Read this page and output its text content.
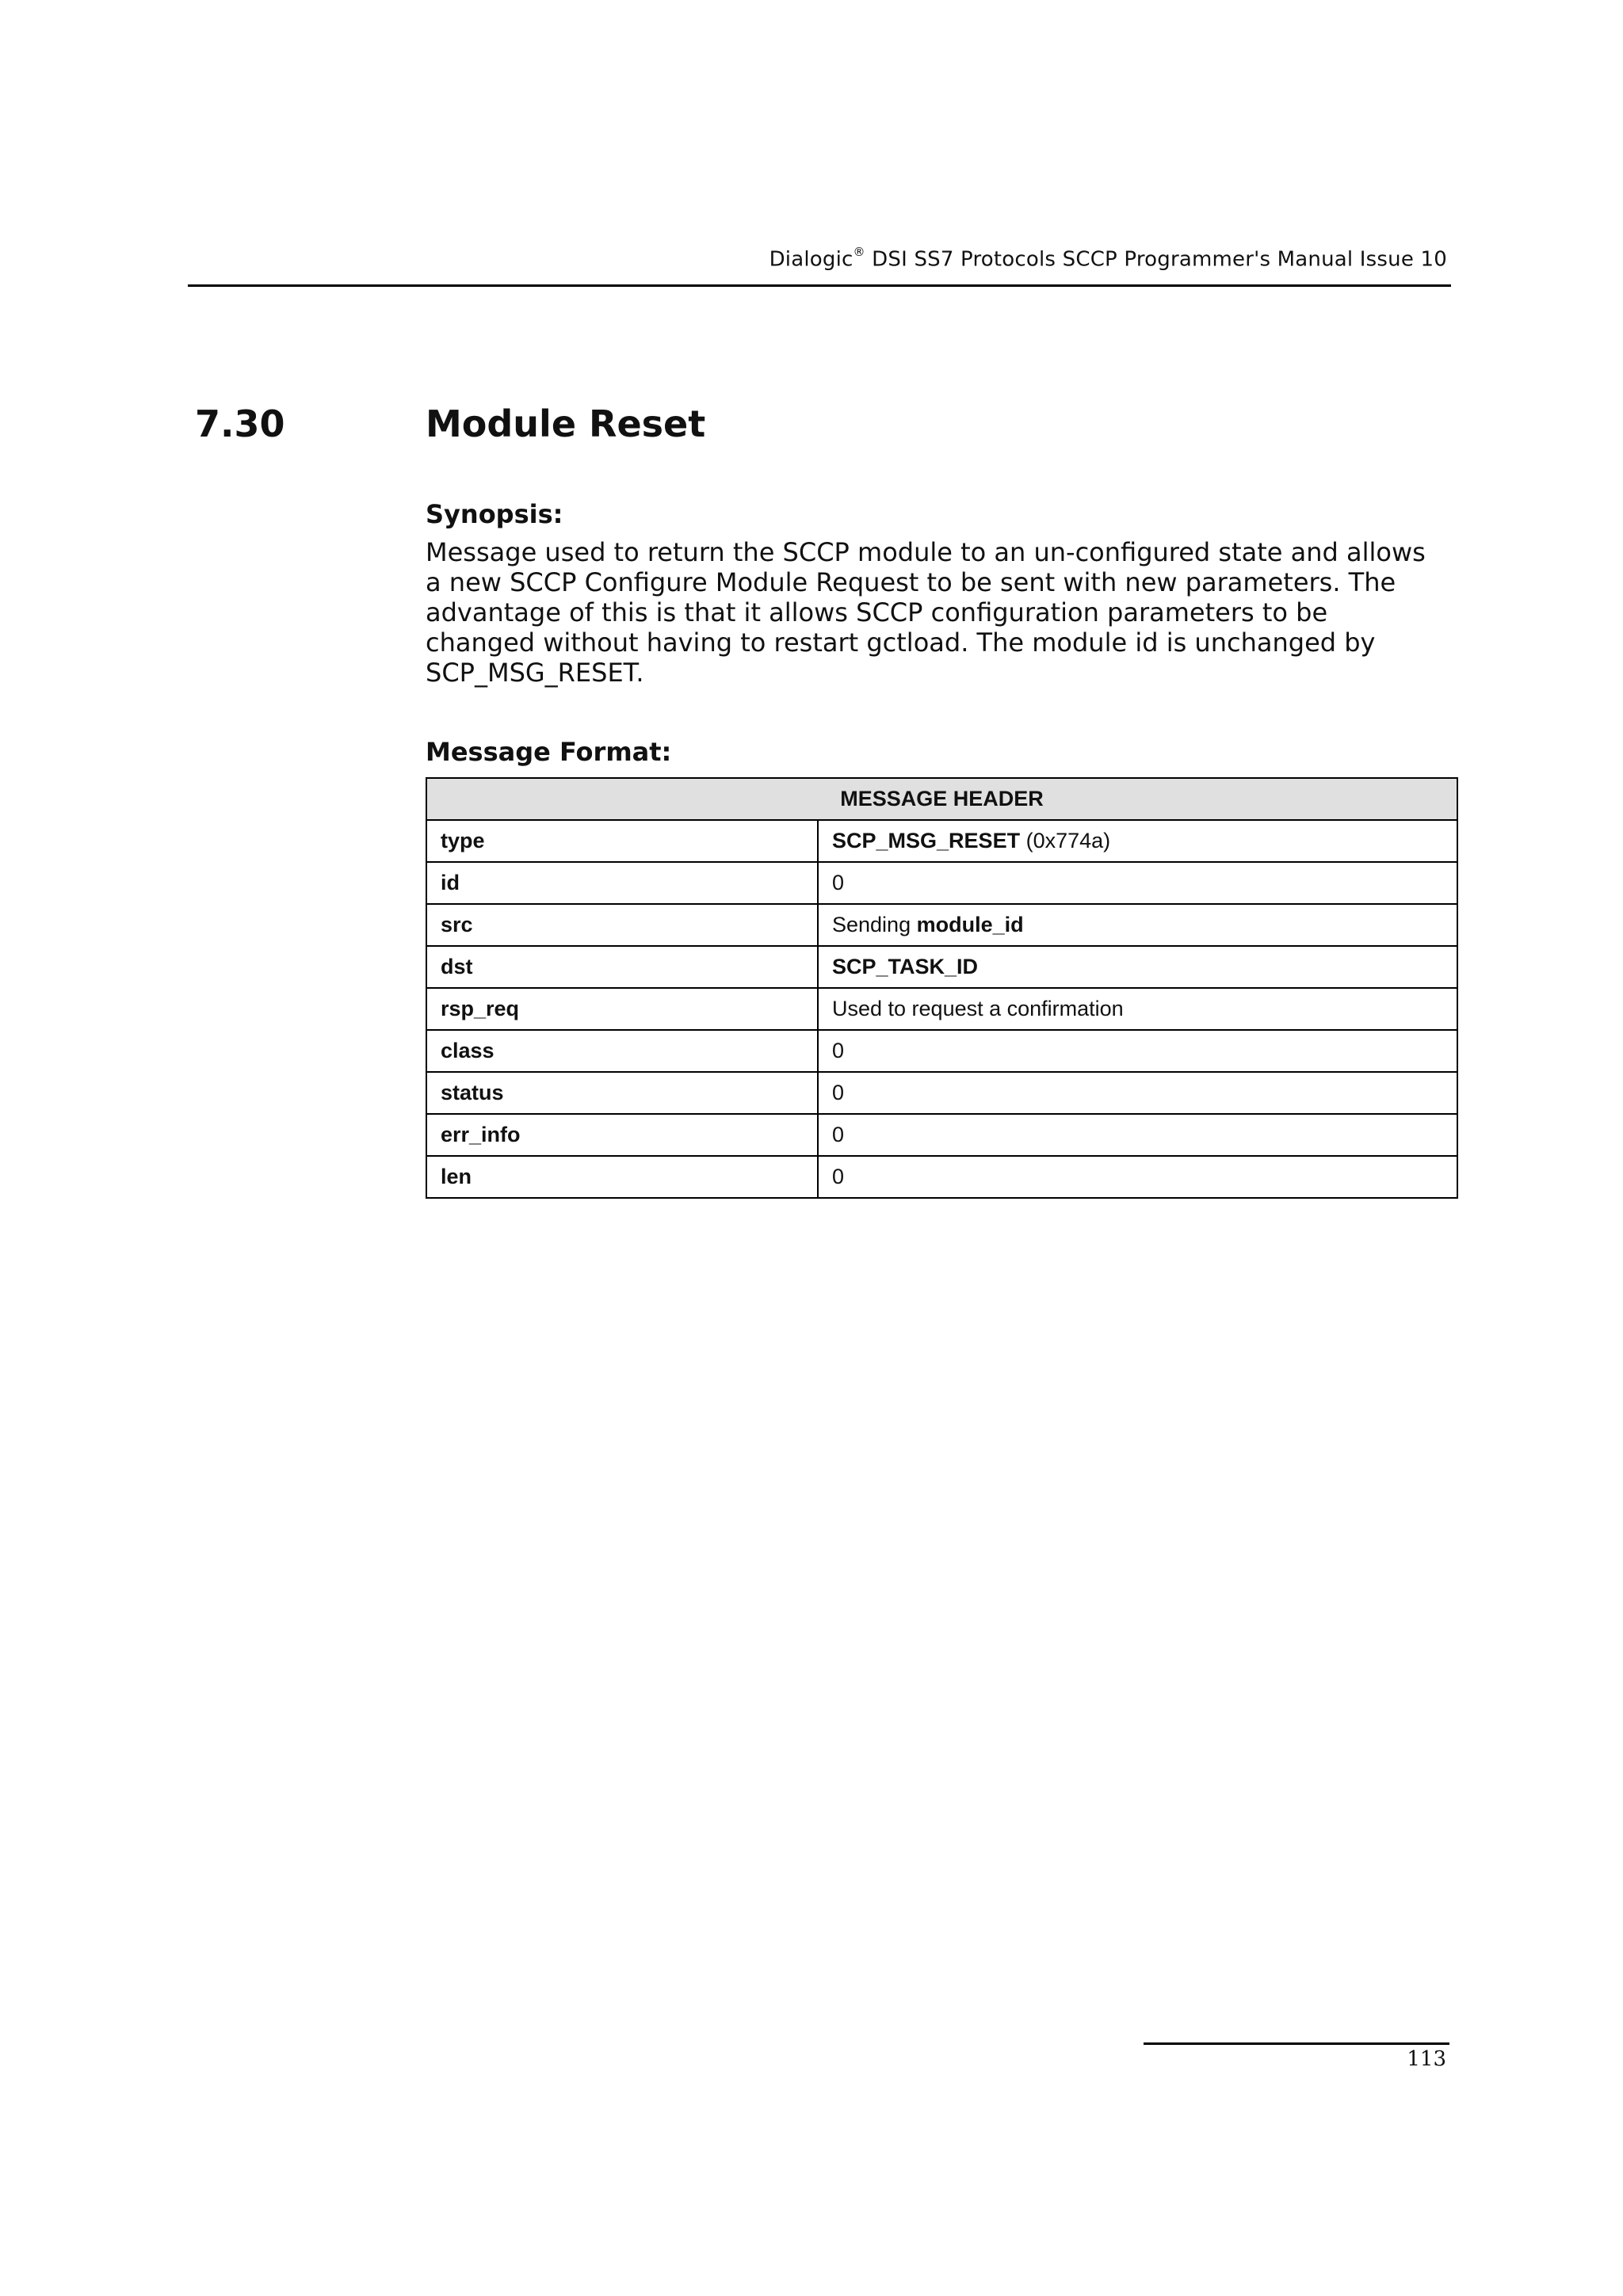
Dialogic® DSI SS7 Protocols SCCP Programmer's Manual Issue 10
7.30	Module Reset
Synopsis:

Message used to return the SCCP module to an un-configured state and allows a new SCCP Configure Module Request to be sent with new parameters. The advantage of this is that it allows SCCP configuration parameters to be changed without having to restart gctload. The module id is unchanged by SCP_MSG_RESET.

Message Format:
MESSAGE HEADER	
type	SCP_MSG_RESET (0x774a)
id	0
src	Sending module_id
dst	SCP_TASK_ID
rsp_req	Used to request a confirmation
class	0
status	0
err_info	0
len	0
113
